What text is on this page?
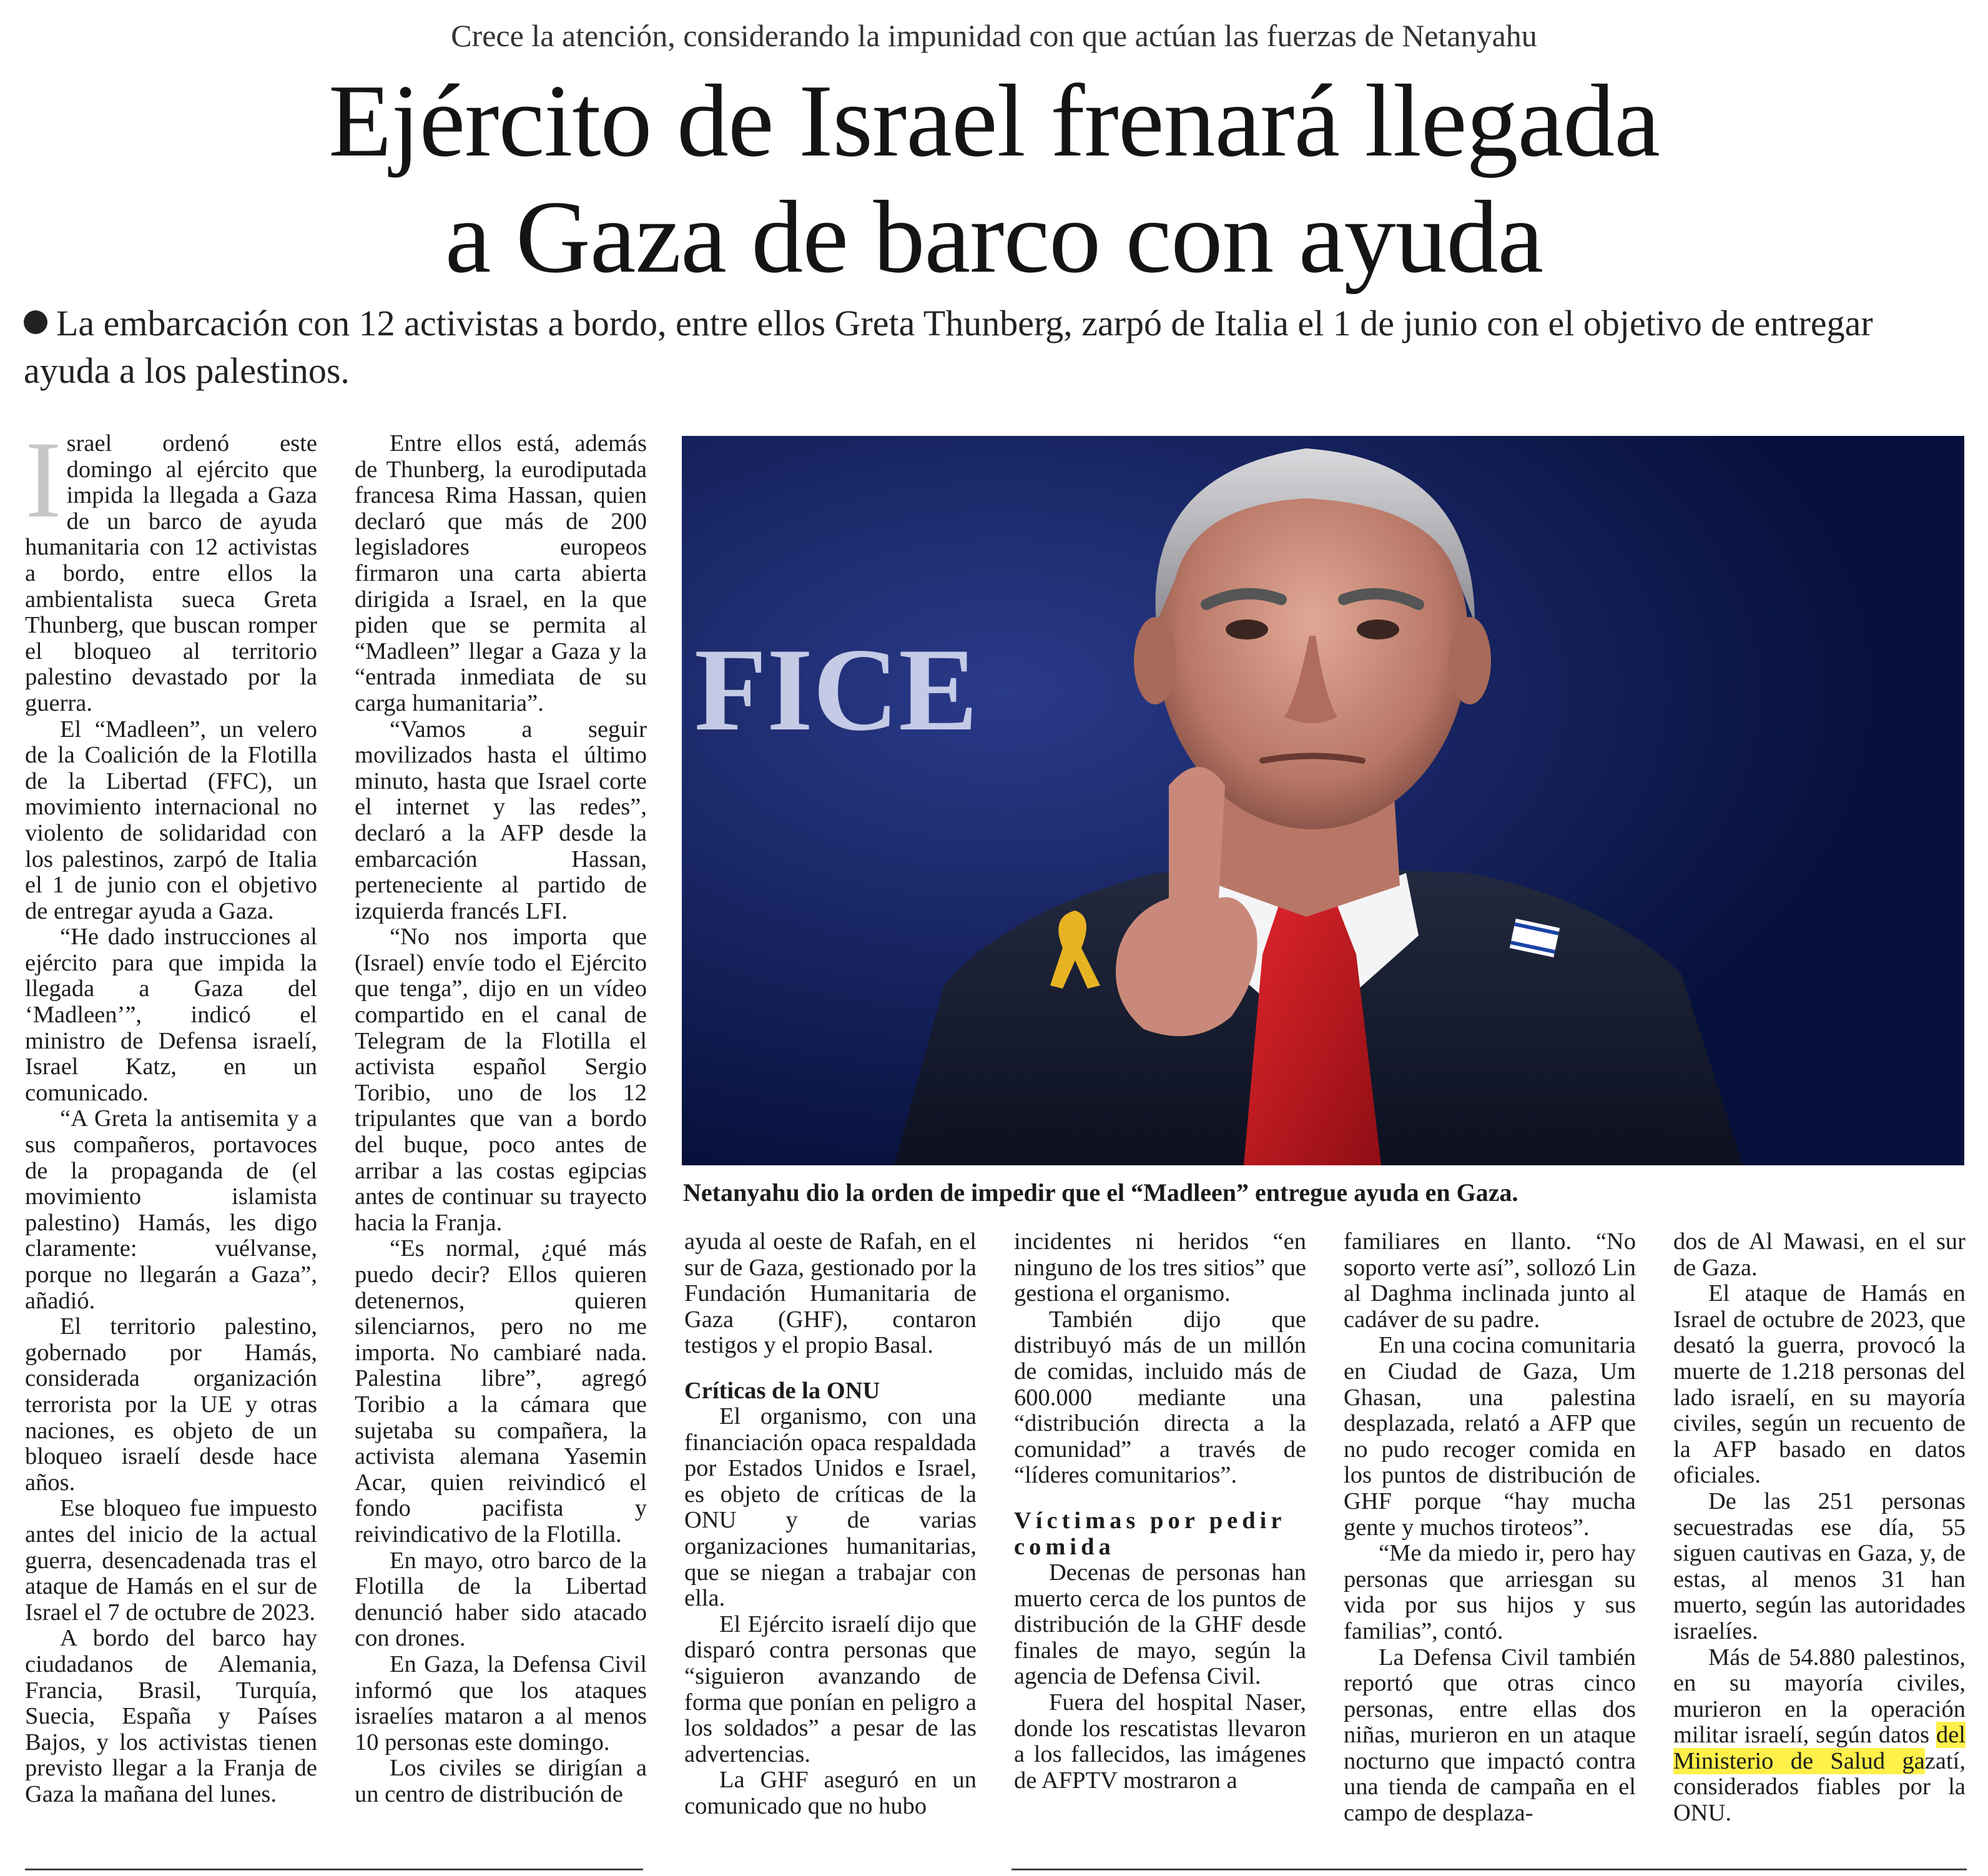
Crece la atención, considerando la impunidad con que actúan las fuerzas de Netanyahu
Ejército de Israel frenará llegada
a Gaza de barco con ayuda
La embarcación con 12 activistas a bordo, entre ellos Greta Thunberg, zarpó de Italia el 1 de junio con el objetivo de entregar ayuda a los palestinos.

Israel ordenó este domingo al ejército que impida la llegada a Gaza de un barco de ayuda humanitaria con 12 activistas a bordo, entre ellos la ambientalista sueca Greta Thunberg, que buscan romper el bloqueo al territorio palestino devastado por la guerra.

El “Madleen”, un velero de la Coalición de la Flotilla de la Libertad (FFC), un movimiento internacional no violento de solidaridad con los palestinos, zarpó de Italia el 1 de junio con el objetivo de entregar ayuda a Gaza.

“He dado instrucciones al ejército para que impida la llegada a Gaza del ‘Madleen’”, indicó el ministro de Defensa israelí, Israel Katz, en un comunicado.

“A Greta la antisemita y a sus compañeros, portavoces de la propaganda de (el movimiento islamista palestino) Hamás, les digo claramente: vuélvanse, porque no llegarán a Gaza”, añadió.

El territorio palestino, gobernado por Hamás, considerada organización terrorista por la UE y otras naciones, es objeto de un bloqueo israelí desde hace años.

Ese bloqueo fue impuesto antes del inicio de la actual guerra, desencadenada tras el ataque de Hamás en el sur de Israel el 7 de octubre de 2023.

A bordo del barco hay ciudadanos de Alemania, Francia, Brasil, Turquía, Suecia, España y Países Bajos, y los activistas tienen previsto llegar a la Franja de Gaza la mañana del lunes.

Entre ellos está, además de Thunberg, la eurodiputada francesa Rima Hassan, quien declaró que más de 200 legisladores europeos firmaron una carta abierta dirigida a Israel, en la que piden que se permita al “Madleen” llegar a Gaza y la “entrada inmediata de su carga humanitaria”.

“Vamos a seguir movilizados hasta el último minuto, hasta que Israel corte el internet y las redes”, declaró a la AFP desde la embarcación Hassan, perteneciente al partido de izquierda francés LFI.

“No nos importa que (Israel) envíe todo el Ejército que tenga”, dijo en un vídeo compartido en el canal de Telegram de la Flotilla el activista español Sergio Toribio, uno de los 12 tripulantes que van a bordo del buque, poco antes de arribar a las costas egipcias antes de continuar su trayecto hacia la Franja.

“Es normal, ¿qué más puedo decir? Ellos quieren detenernos, quieren silenciarnos, pero no me importa. No cambiaré nada. Palestina libre”, agregó Toribio a la cámara que sujetaba su compañera, la activista alemana Yasemin Acar, quien reivindicó el fondo pacifista y reivindicativo de la Flotilla.

En mayo, otro barco de la Flotilla de la Libertad denunció haber sido atacado con drones.

En Gaza, la Defensa Civil informó que los ataques israelíes mataron a al menos 10 personas este domingo.

Los civiles se dirigían a un centro de distribución de

FICE
Netanyahu dio la orden de impedir que el “Madleen” entregue ayuda en Gaza.

ayuda al oeste de Rafah, en el sur de Gaza, gestionado por la Fundación Humanitaria de Gaza (GHF), contaron testigos y el propio Basal.

Críticas de la ONU

El organismo, con una financiación opaca respaldada por Estados Unidos e Israel, es objeto de críticas de la ONU y de varias organizaciones humanitarias, que se niegan a trabajar con ella.

El Ejército israelí dijo que disparó contra personas que “siguieron avanzando de forma que ponían en peligro a los soldados” a pesar de las advertencias.

La GHF aseguró en un comunicado que no hubo

incidentes ni heridos “en ninguno de los tres sitios” que gestiona el organismo.

También dijo que distribuyó más de un millón de comidas, incluido más de 600.000 mediante una “distribución directa a la comunidad” a través de “líderes comunitarios”.

Víctimas por pedir comida

Decenas de personas han muerto cerca de los puntos de distribución de la GHF desde finales de mayo, según la agencia de Defensa Civil.

Fuera del hospital Naser, donde los rescatistas llevaron a los fallecidos, las imágenes de AFPTV mostraron a

familiares en llanto. “No soporto verte así”, sollozó Lin al Daghma inclinada junto al cadáver de su padre.

En una cocina comunitaria en Ciudad de Gaza, Um Ghasan, una palestina desplazada, relató a AFP que no pudo recoger comida en los puntos de distribución de GHF porque “hay mucha gente y muchos tiroteos”.

“Me da miedo ir, pero hay personas que arriesgan su vida por sus hijos y sus familias”, contó.

La Defensa Civil también reportó que otras cinco personas, entre ellas dos niñas, murieron en un ataque nocturno que impactó contra una tienda de campaña en el campo de desplaza-

dos de Al Mawasi, en el sur de Gaza.

El ataque de Hamás en Israel de octubre de 2023, que desató la guerra, provocó la muerte de 1.218 personas del lado israelí, en su mayoría civiles, según un recuento de la AFP basado en datos oficiales.

De las 251 personas secuestradas ese día, 55 siguen cautivas en Gaza, y, de estas, al menos 31 han muerto, según las autoridades israelíes.

Más de 54.880 palestinos, en su mayoría civiles, murieron en la operación militar israelí, según datos del Ministerio de Salud gazatí, considerados fiables por la ONU.
